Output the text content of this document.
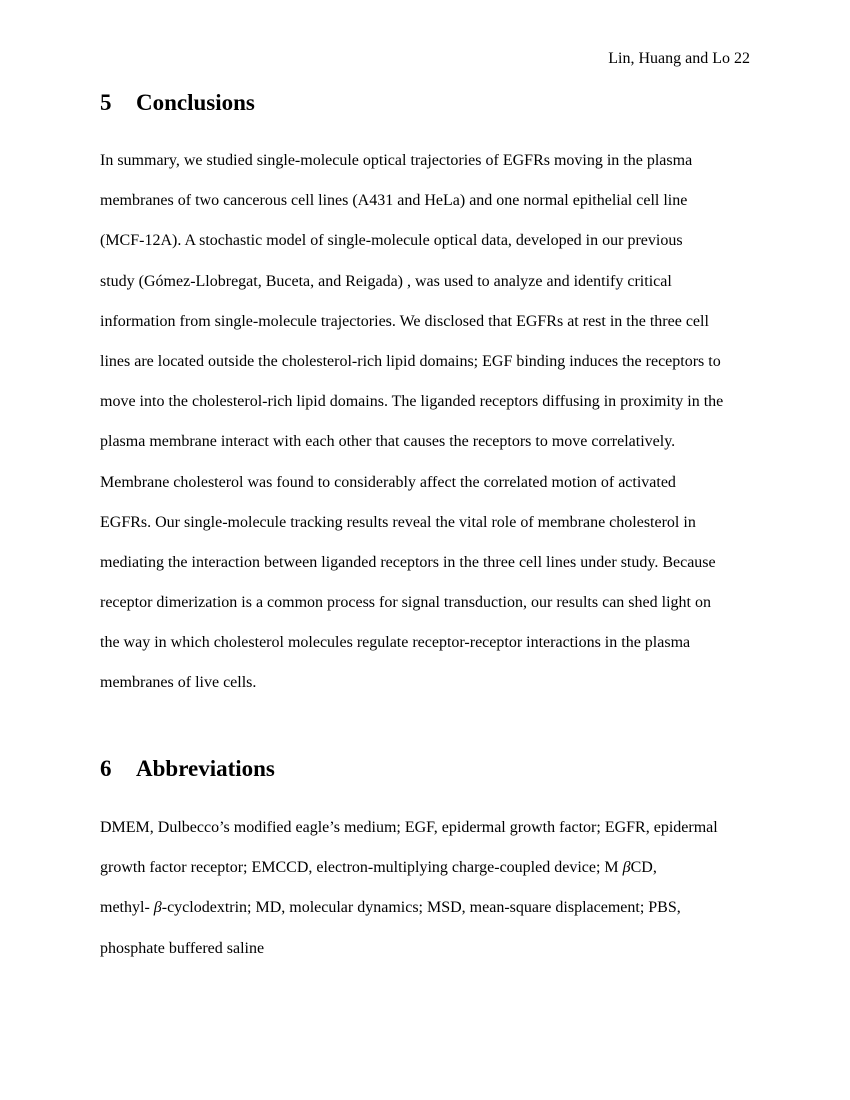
Lin, Huang and Lo 22
5 Conclusions

In summary, we studied single-molecule optical trajectories of EGFRs moving in the plasma
membranes of two cancerous cell lines (A431 and HeLa) and one normal epithelial cell line
(MCF-12A). A stochastic model of single-molecule optical data, developed in our previous
study (Gómez-Llobregat, Buceta, and Reigada) , was used to analyze and identify critical
information from single-molecule trajectories. We disclosed that EGFRs at rest in the three cell
lines are located outside the cholesterol-rich lipid domains; EGF binding induces the receptors to
move into the cholesterol-rich lipid domains. The liganded receptors diffusing in proximity in the
plasma membrane interact with each other that causes the receptors to move correlatively.
Membrane cholesterol was found to considerably affect the correlated motion of activated
EGFRs. Our single-molecule tracking results reveal the vital role of membrane cholesterol in
mediating the interaction between liganded receptors in the three cell lines under study. Because
receptor dimerization is a common process for signal transduction, our results can shed light on
the way in which cholesterol molecules regulate receptor-receptor interactions in the plasma
membranes of live cells.

6 Abbreviations

DMEM, Dulbecco’s modified eagle’s medium; EGF, epidermal growth factor; EGFR, epidermal
growth factor receptor; EMCCD, electron-multiplying charge-coupled device; M βCD,
methyl- β-cyclodextrin; MD, molecular dynamics; MSD, mean-square displacement; PBS,
phosphate buffered saline
